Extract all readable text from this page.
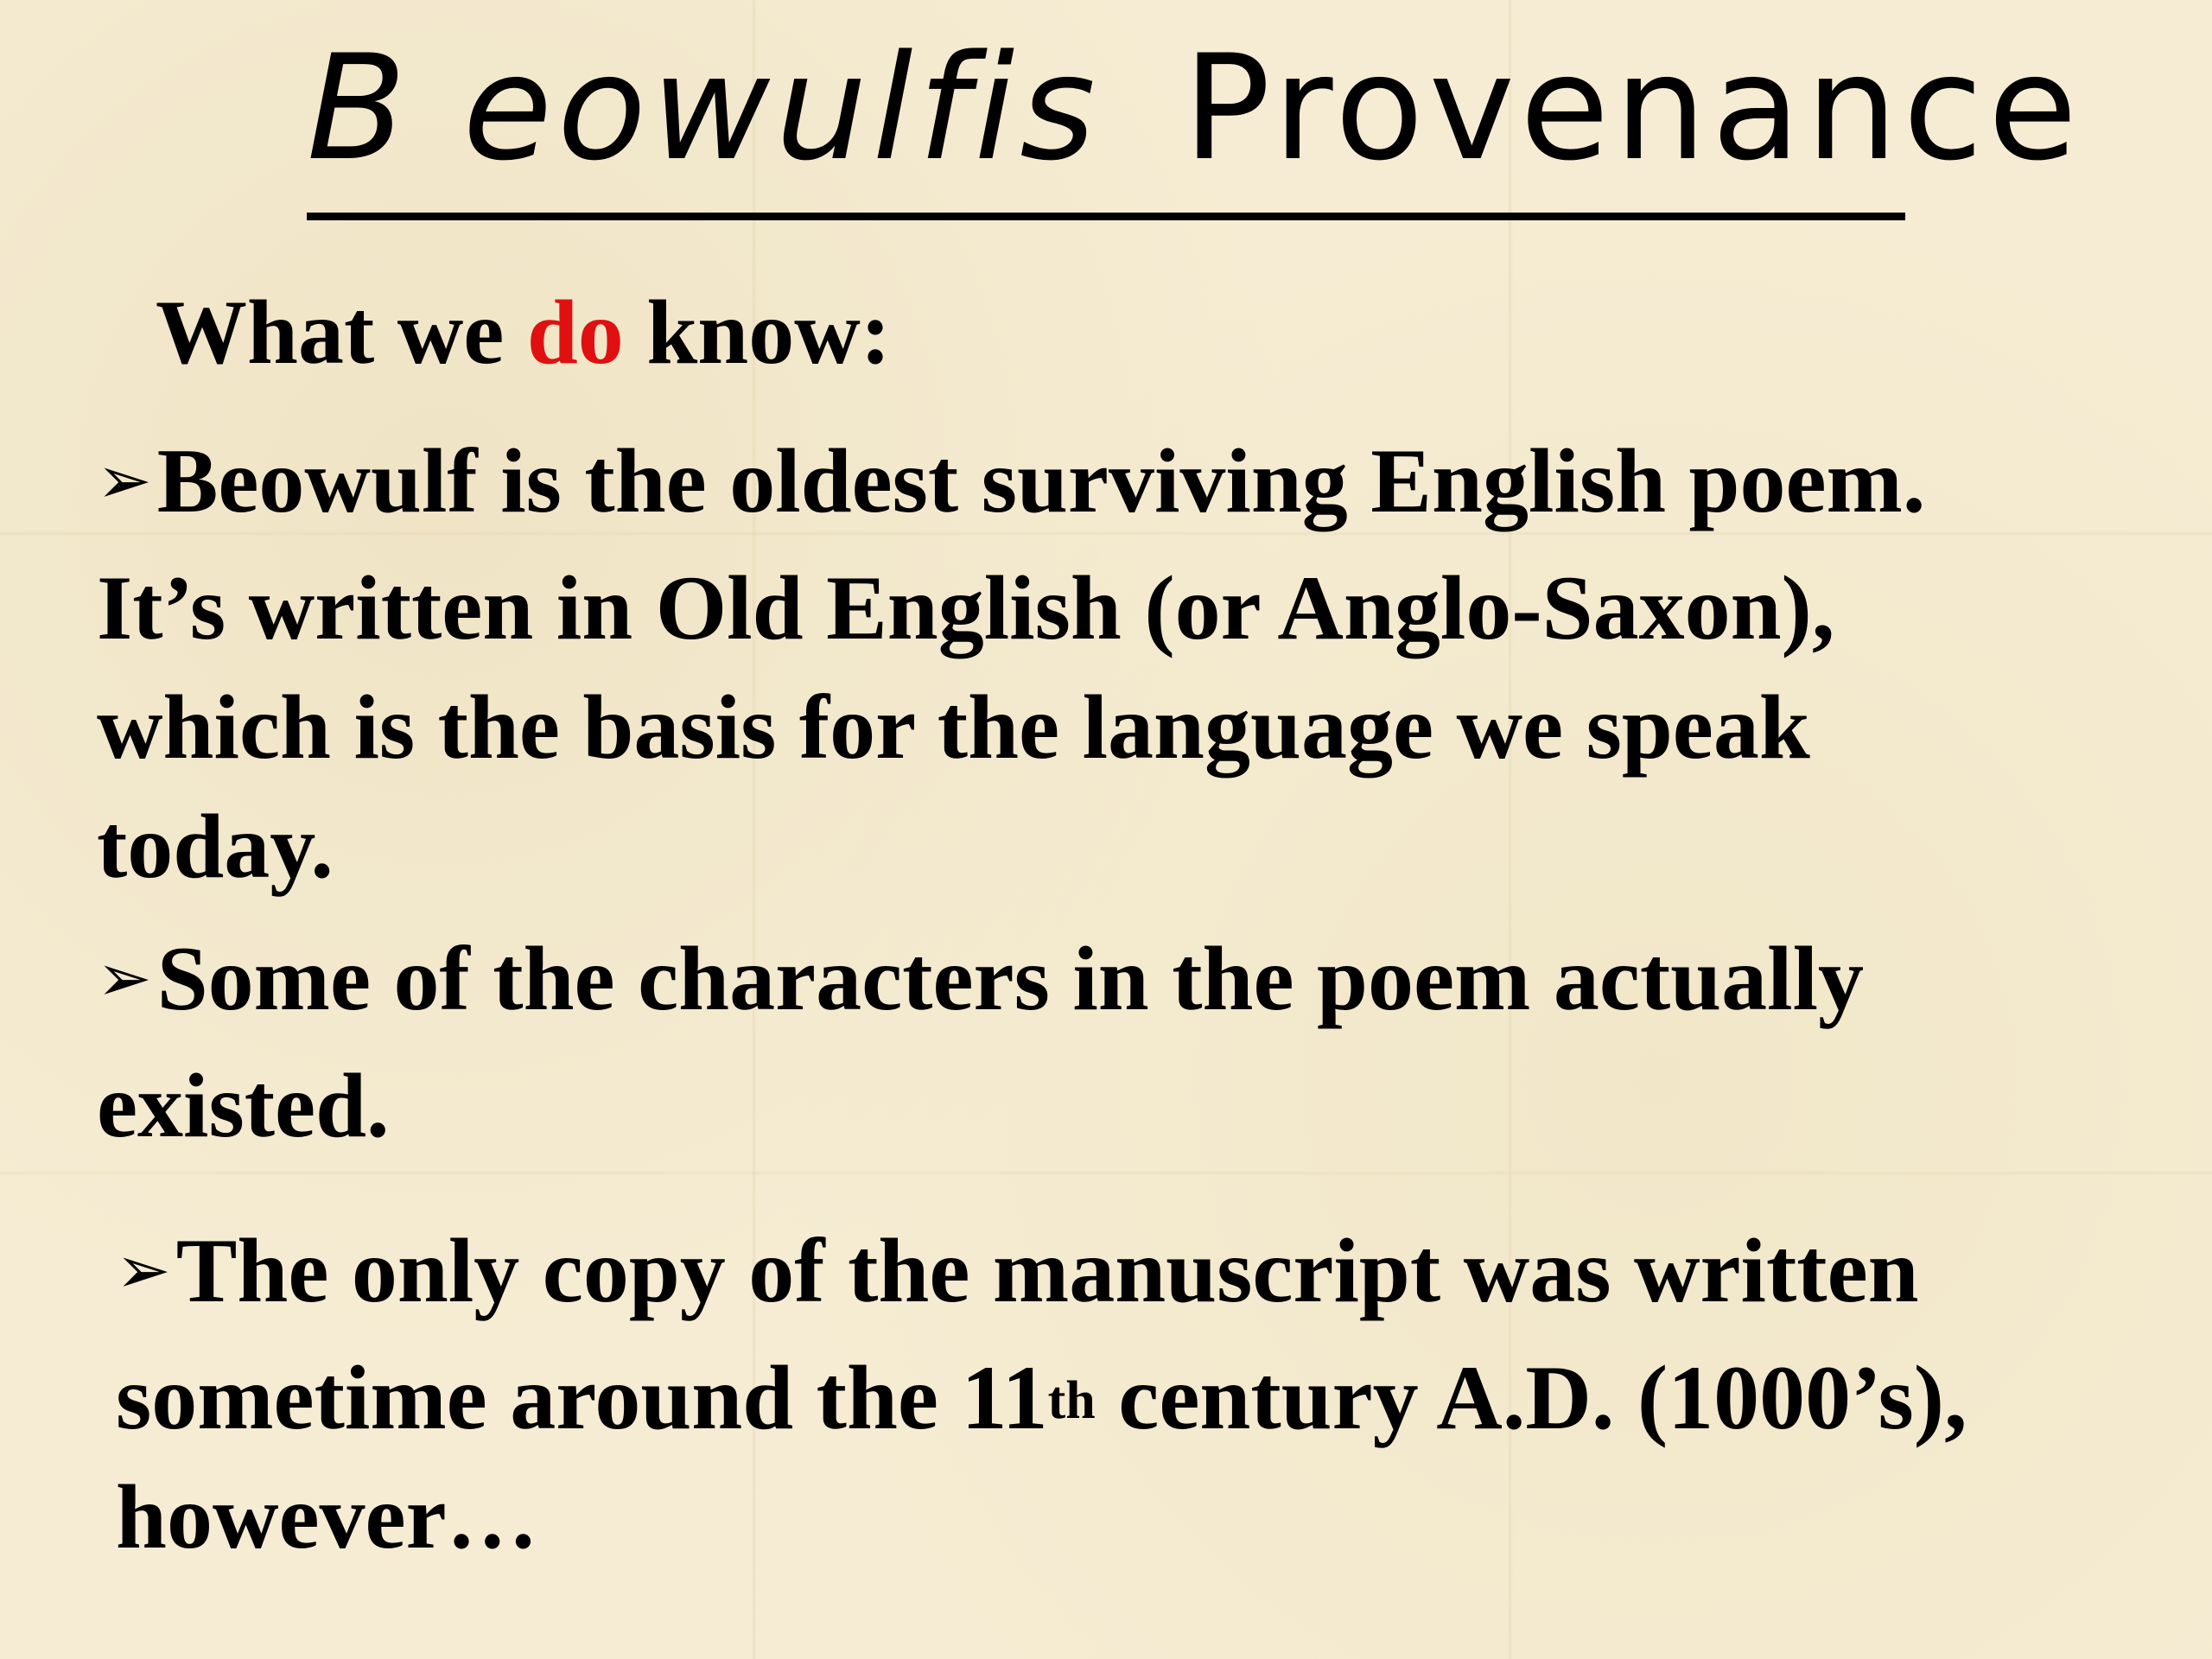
B eowulfis Provenance
What we do know:

➢Beowulf is the oldest surviving English poem.
It’s written in Old English (or Anglo-Saxon),
which is the basis for the language we speak
today.

➢Some of the characters in the poem actually
existed.

➢The only copy of the manuscript was written
sometime around the 11th century A.D. (1000’s),
however…
